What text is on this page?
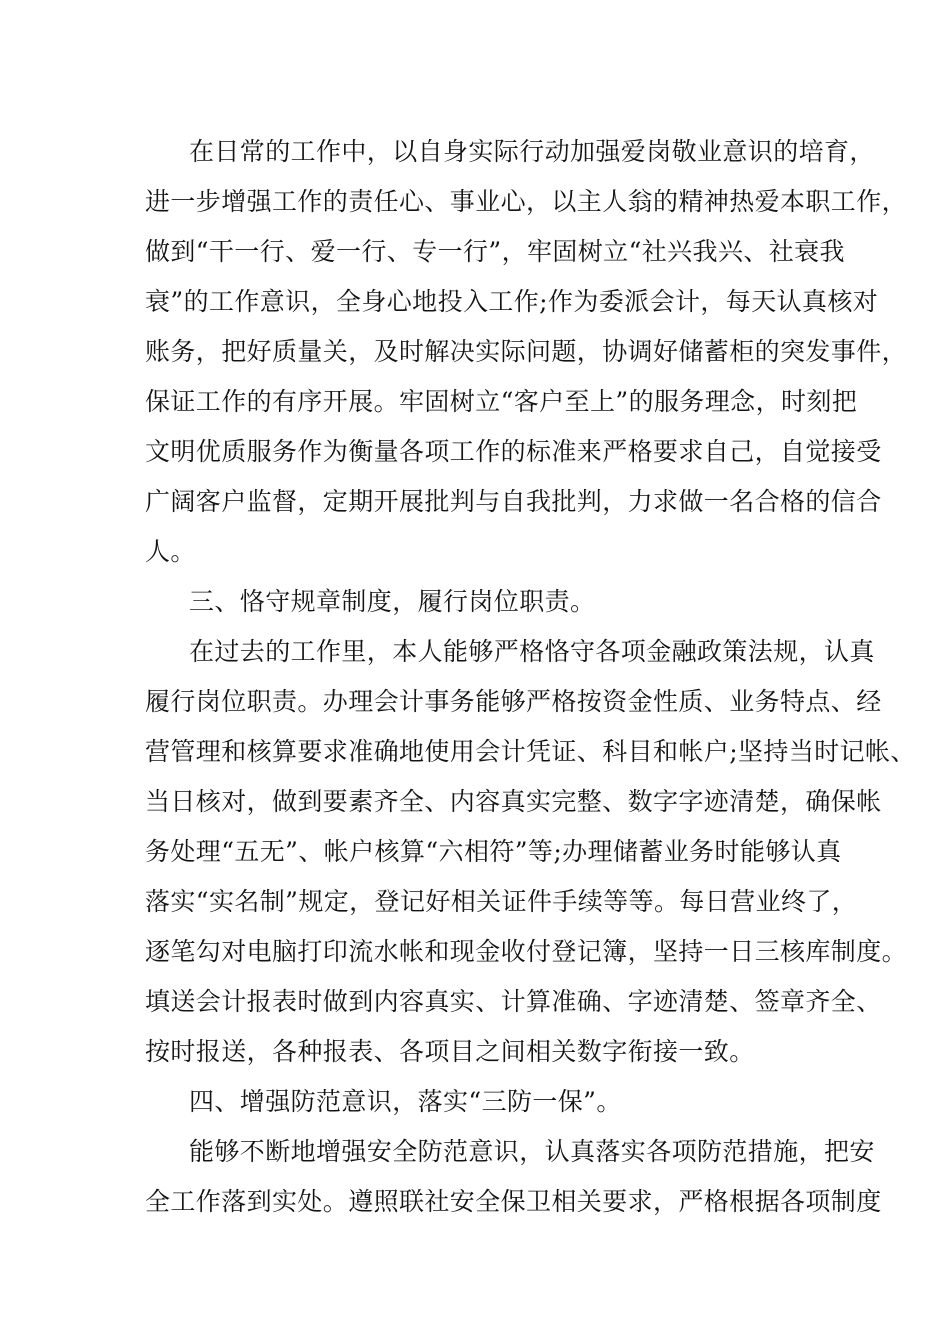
在日常的工作中，以自身实际行动加强爱岗敬业意识的培育，

进一步增强工作的责任心、事业心，以主人翁的精神热爱本职工作，

做到“干一行、爱一行、专一行”，牢固树立“社兴我兴、社衰我

衰”的工作意识，全身心地投入工作;作为委派会计，每天认真核对

账务，把好质量关，及时解决实际问题，协调好储蓄柜的突发事件，

保证工作的有序开展。牢固树立“客户至上”的服务理念，时刻把

文明优质服务作为衡量各项工作的标准来严格要求自己，自觉接受

广阔客户监督，定期开展批判与自我批判，力求做一名合格的信合

人。

三、恪守规章制度，履行岗位职责。

在过去的工作里，本人能够严格恪守各项金融政策法规，认真

履行岗位职责。办理会计事务能够严格按资金性质、业务特点、经

营管理和核算要求准确地使用会计凭证、科目和帐户;坚持当时记帐、

当日核对，做到要素齐全、内容真实完整、数字字迹清楚，确保帐

务处理“五无”、帐户核算“六相符”等;办理储蓄业务时能够认真

落实“实名制”规定，登记好相关证件手续等等。每日营业终了，

逐笔勾对电脑打印流水帐和现金收付登记簿，坚持一日三核库制度。

填送会计报表时做到内容真实、计算准确、字迹清楚、签章齐全、

按时报送，各种报表、各项目之间相关数字衔接一致。

四、增强防范意识，落实“三防一保”。

能够不断地增强安全防范意识，认真落实各项防范措施，把安

全工作落到实处。遵照联社安全保卫相关要求，严格根据各项制度
